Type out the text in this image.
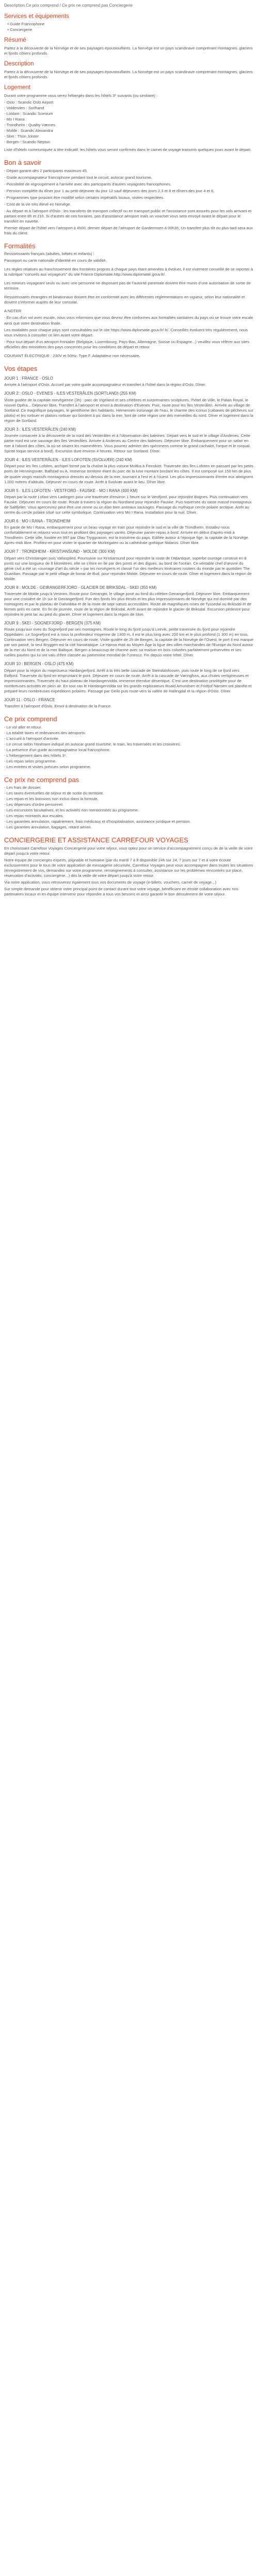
Description Ce prix comprend / Ce prix ne comprend pas Conciergerie
Services et équipements
• Guide Francophone
• Conciergerie
Résumé

Partez à la découverte de la Norvège et de ses paysages époustouflants. La Norvège est un pays scandinave comprenant montagnes, glaciers et fjords côtiers profonds.

Description

Partez à la découverte de la Norvège et de ses paysages époustouflants. La Norvège est un pays scandinave comprenant montagnes, glaciers et fjords côtiers profonds.

Logement

Durant votre programme vous serez hébergés dans les hôtels 3* suivants (ou similaire) :

- Oslo : Scandic Oslo Airport
- Voldenden : Sorlhand
- Loldam : Scandic Scenium
- Mo I Rana :
- Trondheim : Quality Værnes
- Molde : Scandic Alexandra
- Skei : Thon Jolster
- Bergen : Scandic Neptun

Liste d'hôtels communiquée à titre indicatif, les hôtels vous seront confirmés dans le carnet de voyage transmis quelques jours avant le départ.

Bon à savoir

- Départ garanti dès 2 participants maximum 45.

- Guide accompagnateur francophone pendant tout le circuit, autocar grand tourisme.

- Possibilité de regroupement à l'arrivée avec des participants d'autres voyagistes francophones.

- Pension complète du dîner jour 1 au petit-déjeuner du jour 12 sauf déjeuners des jours 2,3 et 8 et dîners des jour 4 et 6.

- Programmes type pouvant être modifié selon certains impératifs locaux, visites respectées.

- Coût de la vie très élevé en Norvège.

- Au départ et à l'aéroport d'Oslo : les transferts de transport collectif ou en transport public et l'assistance sont assurés pour les vols arrivant et partant entre 8h et 21h. Si d'autres de ces horaires, pas d'assistance aéroport mais un voucher vous sera envoyé avant le départ pour le transfert en navette.

Premier départ de l'hôtel vers l'aéroport à 4h00, dernier départ de l'aéroport de Gardermoen à 00h35. Un transfert plus tôt ou plus tard sera aux frais du client.

Formalités

Ressortissants français (adultes, bébés et enfants) :

Passeport ou carte nationale d'identité en cours de validité.

Les règles relatives au franchissement des frontières propres à chaque pays étant amenées à évoluer, il est vivement conseillé de se reporter à la rubrique "conseils aux voyageurs" du site France Diplomatie.http://www.diplomatie.gouv.fr/.

Les mineurs voyageant seuls ou avec une personne ne disposant pas de l'autorité parentale doivent être munis d'une autorisation de sortie de territoire.

Ressortissants étrangers et binationaux doivent être en conformité avec les différentes réglementations en vigueur, selon leur nationalité et doivent s'informer auprès de leur consulat.

A NOTER

- En cas d'un vol avec escale, nous vous informons que vous devrez être conformes aux formalités sanitaires du pays où se trouve votre escale ainsi que votre destination finale.

Les modalités pour chaque pays sont consultables sur le site https://www.diplomatie.gouv.fr/ fr/. Conseillés évoluent très régulièrement, nous vous invitons à consulter ce lien avant votre départ.

- Pour tout départ d'un aéroport frontalier (Belgique, Luxembourg, Pays-Bas, Allemagne, Suisse ou Espagne...) veuillez vous référer aux sites officielles des ministères des pays concernés pour les conditions de départ et retour.

COURANT ÉLECTRIQUE : 230V et 50Hz. Type F. Adaptateur non nécessaire.

Vos étapes
JOUR 1 : FRANCE - OSLO

Arrivée à l'aéroport d'Oslo. Accueil par votre guide accompagnateur et transfert à l'hôtel dans la région d'Oslo. Dîner.

JOUR 2 : OSLO - EVENES - ILES VESTERÅLEN (SORTLAND) (255 KM)

Visite guidée de la capitale norvégienne (3h) : parc de Vigeland et ses célèbres et surprenantes sculptures, l'hôtel de Ville, le Palais Royal, le nouvel Opéra... Déjeuner libre. Transfert à l'aéroport et envol à destination d'Evenes. Puis, route pour les îles Vesterålen. Arrivée au village de Sortland. Ce magnifique paysages, le gentilhome des habitants. Hérnennen voisinage de l'eau, le charme des iconus (cabanes de pêcheurs sur pilotis) et les rorbuer et plaisirs rorbuer qui bordent à pic dans la mer, font de cette région une des merveilles du nord. Dîner et logement dans la région de Sortland.

JOUR 3 : ILES VESTERÅLEN (240 KM)

Journée consacrée à la découverte de la nord des Vesterålen et à l'observation des baleines. Départ vers le sud et le village d'Andenes. Cette partie nord est une sauvage des îles Vesterålen. Arrivée à Andenes au Centre des baleines. Déjeuner libre. Embarquement pour un safari en mer à l'abord des côtes, là où se situent les mammifères. Vous pourrez admirer des spécimens comme le grand cachalot, l'orque et le rorqual. Spirite toque service à bord). Excursion dure environ 4 heures. Retour sur Sortland. Dîner.

JOUR 4 : ILES VESTERÅLEN - ILES LOFOTEN (SVOLVÆR) (240 KM)

Départ pour les îles Lofoten, archipel formé par la chaîne la plus voisine Moltka à Finnskiet. Traversée des îles Lofoten en passant par les petits ports de Henningsvær, Ballstad ou A. Immense territoire étant du parc de la lune montant bordant les côtes. Il est composé sur 150 km de plus de quatre vingts massifs montagneux dressés au-dessus de la mer, tournant à l'est et à l'ouest. Les plus impressionnants d'entre eux atteignent 1.000 mètres d'altitude. Déjeuner en cours de route. Arrêt à Svolvær avant le lieu. Dîner libre.

JOUR 5 : ILES LOFOTEN - VESTFORD - FAUSKE - MO I RANA (400 KM)

Départ par la route Lofast vers Lødingen pour une traversée d'environ 1 heure sur le Vestfjord, pour rejoindre Bognes. Puis continuation vers Fauske. Déjeuner en cours de route. Route à travers la région du Nordland pour rejoindre Fauske. Puis traversée du vaste massif montagneux de Saltfjellet. Vous apercevrez peut-être une renne ou un élan bien animaux sauvages. Passage du mythique cercle polaire arctique. Arrêt au centre du cercle polaire situé sur cette symbolique. Continuation vers Mo I Rana. Installation pour la nuit. Dîner.

JOUR 6 : MO I RANA - TRONDHEIM

En garde de Mo I Rana, embarquement pour un beau voyage en train pour rejoindre le sud et la ville de Trondheim. Installez-vous confortablement et relaxez-vous tout en profitant des paysages variés. Déjeuner panier-repas à bord. Arrivée en début d'après-midi à Trondheim. Cette ville, fondée en 997 par Olav Tryggvason, est la troisième du pays. Edifiée autour à l'époque fige, la capitale de la Norvège. Après-midi libre. Profitez-en pour visiter le quartier de Murkegaten ou la cathédrale gothique Nidaros. Dîner libre.

JOUR 7 : TRONDHEIM - KRISTIANSUND - MOLDE (300 KM)

Départ vers Christiangen puis Vallaspiled. Poursuivie sur Kristiansund pour rejoindre la route de l'Atlantique, superbe ouvrage construit en 8 ponts sur une longueur de 8 kilomètres, elle se s'étire en île par des ponts et des digues, au bord de l'océan. Ce véritable chef d'œuvre du génie civil a été un «ouvrage d'art du siècle » par les norvégiens et classé l'un des meilleurs itinéraires routiers du monde par le quotidien The Guardian. Passage par le petit village de bonar de Bud, pour rejoindre Molde. Déjeuner en cours de route. Dîner et logement dans la région de Molde.

JOUR 8 : MOLDE - GEIRANGERFJORD - GLACIER DE BRIKSDAL - SKEI (350 KM)

Traversée de Molde jusqu'à Vestnes. Route pour Geiranger, le village posé au fond du célèbre Geirangerfjord. Déjeuner libre. Embarquement pour une croisière de 1h sur le Geirangerfjord. Fun des fjords les plus étroits et les plus impressionnants de Norvège qui est dominé par des montagnes et par le plateau de Dalsnibba et de la route de sept sœurs accessibles. Route de magnifiques roses de Tyssedal ou Briksdal et de fermes prés en carte. En fin de journée, route de la région de Briksdal. Arrêt avant de rejoindre le glacier de Briksdal. Excursion pédestre pour rejoindre le petit lac au pied du glacier. Dîner et logement dans la région de Skei.

JOUR 9 : SKEI - SOGNEFJORD - BERGEN (375 KM)

Route jusqu'aux rives du Sognefjord par ses montagnes. Route le long du fjord jusqu'à Leirvik, petite traversée du fjord pour rejoindre Oppedalen. Le Sognefjord est à nous la profondeur moyenne de 1300 m, il est le plus long avec 200 km et le plus profond (1 300 m) en tous. Continuation vers Bergen. Déjeuner en cours de route. Visite guidée de 2h de Bergen, la capitale de la Norvège de l'Ouest, le port Il est marqué par son passé, la seul Bryggen est la cité hanséatique. Le Hansa était au Moyen Âge la ligue des villes marchandes de l'Europe du Nord autour de la mer du Nord et de la mer Baltique. Bergen a beaucoup de charme avec sa maison en bois colorées parfaitement préservées et ses ruelles pavées qui lui ont valu d'être classée au patrimoine mondial de l'Unesco. Fin depuis votre hôtel. Dîner.

JOUR 10 : BERGEN - OSLO (475 KM)

Départ pour la région du majestueux Hardangerfjord. Arrêt à la très belle cascade de Steindalsfossen, puis route le long de ce fjord vers Eidfjord. Traversée du fjord en empruntant le pont. Déjeuner en cours de route. Arrêt à la cascade de Vøringfoss, aux chutes vertigineuses et impressionnantes. Traversée du haut plateau de Hardangervidda, immense étendue désertique. C'est une destination privilégiée pour de nombreuses activités en plein air. En tout cas le Hardangervidda sur les grands explorateurs Roald Amundsen et Fridtjof Nansen ont planifié et préparé leurs nombreuses expéditions polaires. Passage par Geilo puis route vers la vallée de Hallingdal et la région d'Oslo. Dîner.

JOUR 11 : OSLO - FRANCE

Transfert à l'aéroport d'Oslo. Envol à destination de la France.

Ce prix comprend
- Le vol aller et retour.
- La totalité taxes et redevances des aéroports.
- L'accueil à l'aéroport d'arrivée.
- Le circuit selon l'itinéraire indiqué en autocar grand tourisme, le train, les traversées et les croisières.
- La présence d'un guide accompagnateur local francophone.
- L'hébergement dans des hôtels 3*.
- Les repas selon programme.
- Les entrées et visites prévues selon programme.
Ce prix ne comprend pas
- Les frais de dossier.
- Les taxes éventuelles de séjour et de sortie du territoire.
- Les repas et les boissons non inclus dans la formule.
- Les dépenses d'ordre personnel.
- Les excursions facultatives, et les activités non mentionnées au programme.
- Les repas montants aux escales.
- Les garanties annulation, rapatriement, frais médicaux et d'hospitalisation, assistance juridique et pension.
- Les garanties annulation, bagages, retard aérien.
CONCIERGERIE ET ASSISTANCE CARREFOUR VOYAGES

En choisissant Carrefour Voyages Conciergerie pour votre séjour, vous optez pour un service d'accompagnement conçu de de la veille de votre départ jusqu'à votre retour.

Notre équipe de concierges experts, joignable et humaine (par du mardi 7 à 8 disponible 24h sur 24, 7 jours sur 7 et à votre écoute exclusivement pour le tous de votre application de messagerie sécurisée, Carrefour Voyages peut vous accompagner dans toutes les situations (enregistrement de vos, demandes sur votre programme, renseignements à consulter, assistance sur les problèmes rencontrés sur place, réservation d'activités, conciergerie...) dès la veille de votre départ jusqu'à votre retour.

Via notre application, vous retrouverez également tous vos documents de voyage (e-billets, vouchers, carnet de voyage...)

Sur simple demande pour obtenir votre principal point de contact durant tout votre voyage, bénéficiant en étroite collaboration avec nos partenaires locaux et en équipe intervenir pour répondre à tous vos besoins et ainsi garantir le bon déroulement de votre séjour.
